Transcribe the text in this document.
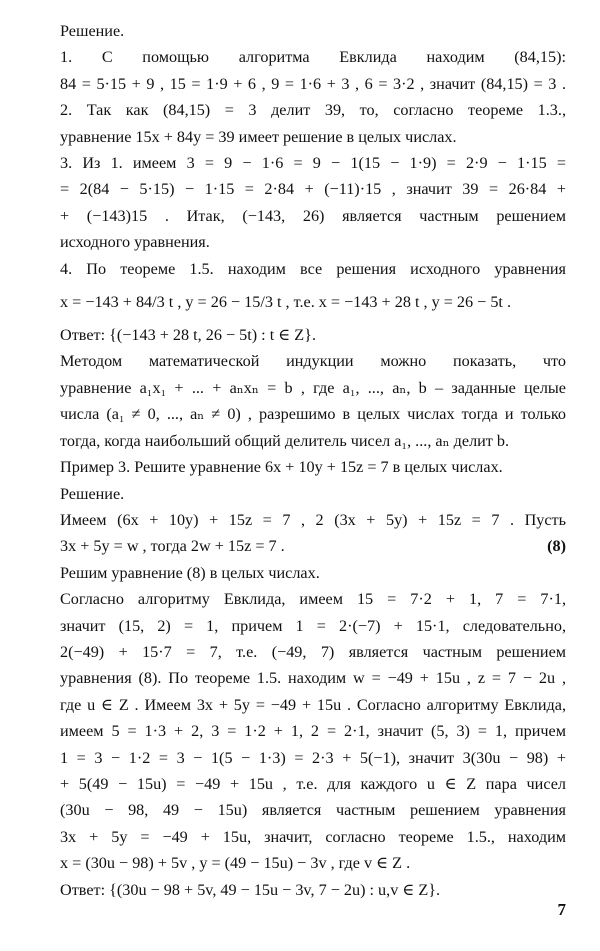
Решение.
1. С помощью алгоритма Евклида находим (84,15):
84 = 5·15 + 9 , 15 = 1·9 + 6 , 9 = 1·6 + 3 , 6 = 3·2 , значит (84,15) = 3 .
2. Так как (84,15) = 3 делит 39, то, согласно теореме 1.3.,
уравнение 15x + 84y = 39 имеет решение в целых числах.
3. Из 1. имеем 3 = 9 − 1·6 = 9 − 1(15 − 1·9) = 2·9 − 1·15 =
= 2(84 − 5·15) − 1·15 = 2·84 + (−11)·15 , значит 39 = 26·84 +
+ (−143)15 . Итак, (−143, 26) является частным решением
исходного уравнения.
4. По теореме 1.5. находим все решения исходного уравнения
x = −143 + 84/3 t , y = 26 − 15/3 t , т.е. x = −143 + 28 t , y = 26 − 5t .
Ответ: {(−143 + 28 t, 26 − 5t) : t ∈ Z}.
Методом математической индукции можно показать, что
уравнение a₁x₁ + ... + aₙxₙ = b , где a₁, ..., aₙ, b – заданные целые
числа (a₁ ≠ 0, ..., aₙ ≠ 0) , разрешимо в целых числах тогда и только
тогда, когда наибольший общий делитель чисел a₁, ..., aₙ делит b.
Пример 3. Решите уравнение 6x + 10y + 15z = 7 в целых числах.
Решение.
Имеем (6x + 10y) + 15z = 7 , 2 (3x + 5y) + 15z = 7 . Пусть
3x + 5y = w , тогда 2w + 15z = 7 .	(8)
Решим уравнение (8) в целых числах.
Согласно алгоритму Евклида, имеем 15 = 7·2 + 1, 7 = 7·1,
значит (15, 2) = 1, причем 1 = 2·(−7) + 15·1, следовательно,
2(−49) + 15·7 = 7, т.е. (−49, 7) является частным решением
уравнения (8). По теореме 1.5. находим w = −49 + 15u , z = 7 − 2u ,
где u ∈ Z . Имеем 3x + 5y = −49 + 15u . Согласно алгоритму Евклида,
имеем 5 = 1·3 + 2, 3 = 1·2 + 1, 2 = 2·1, значит (5, 3) = 1, причем
1 = 3 − 1·2 = 3 − 1(5 − 1·3) = 2·3 + 5(−1), значит 3(30u − 98) +
+ 5(49 − 15u) = −49 + 15u , т.е. для каждого u ∈ Z пара чисел
(30u − 98, 49 − 15u) является частным решением уравнения
3x + 5y = −49 + 15u, значит, согласно теореме 1.5., находим
x = (30u − 98) + 5v , y = (49 − 15u) − 3v , где v ∈ Z .
Ответ: {(30u − 98 + 5v, 49 − 15u − 3v, 7 − 2u) : u,v ∈ Z}.
7
